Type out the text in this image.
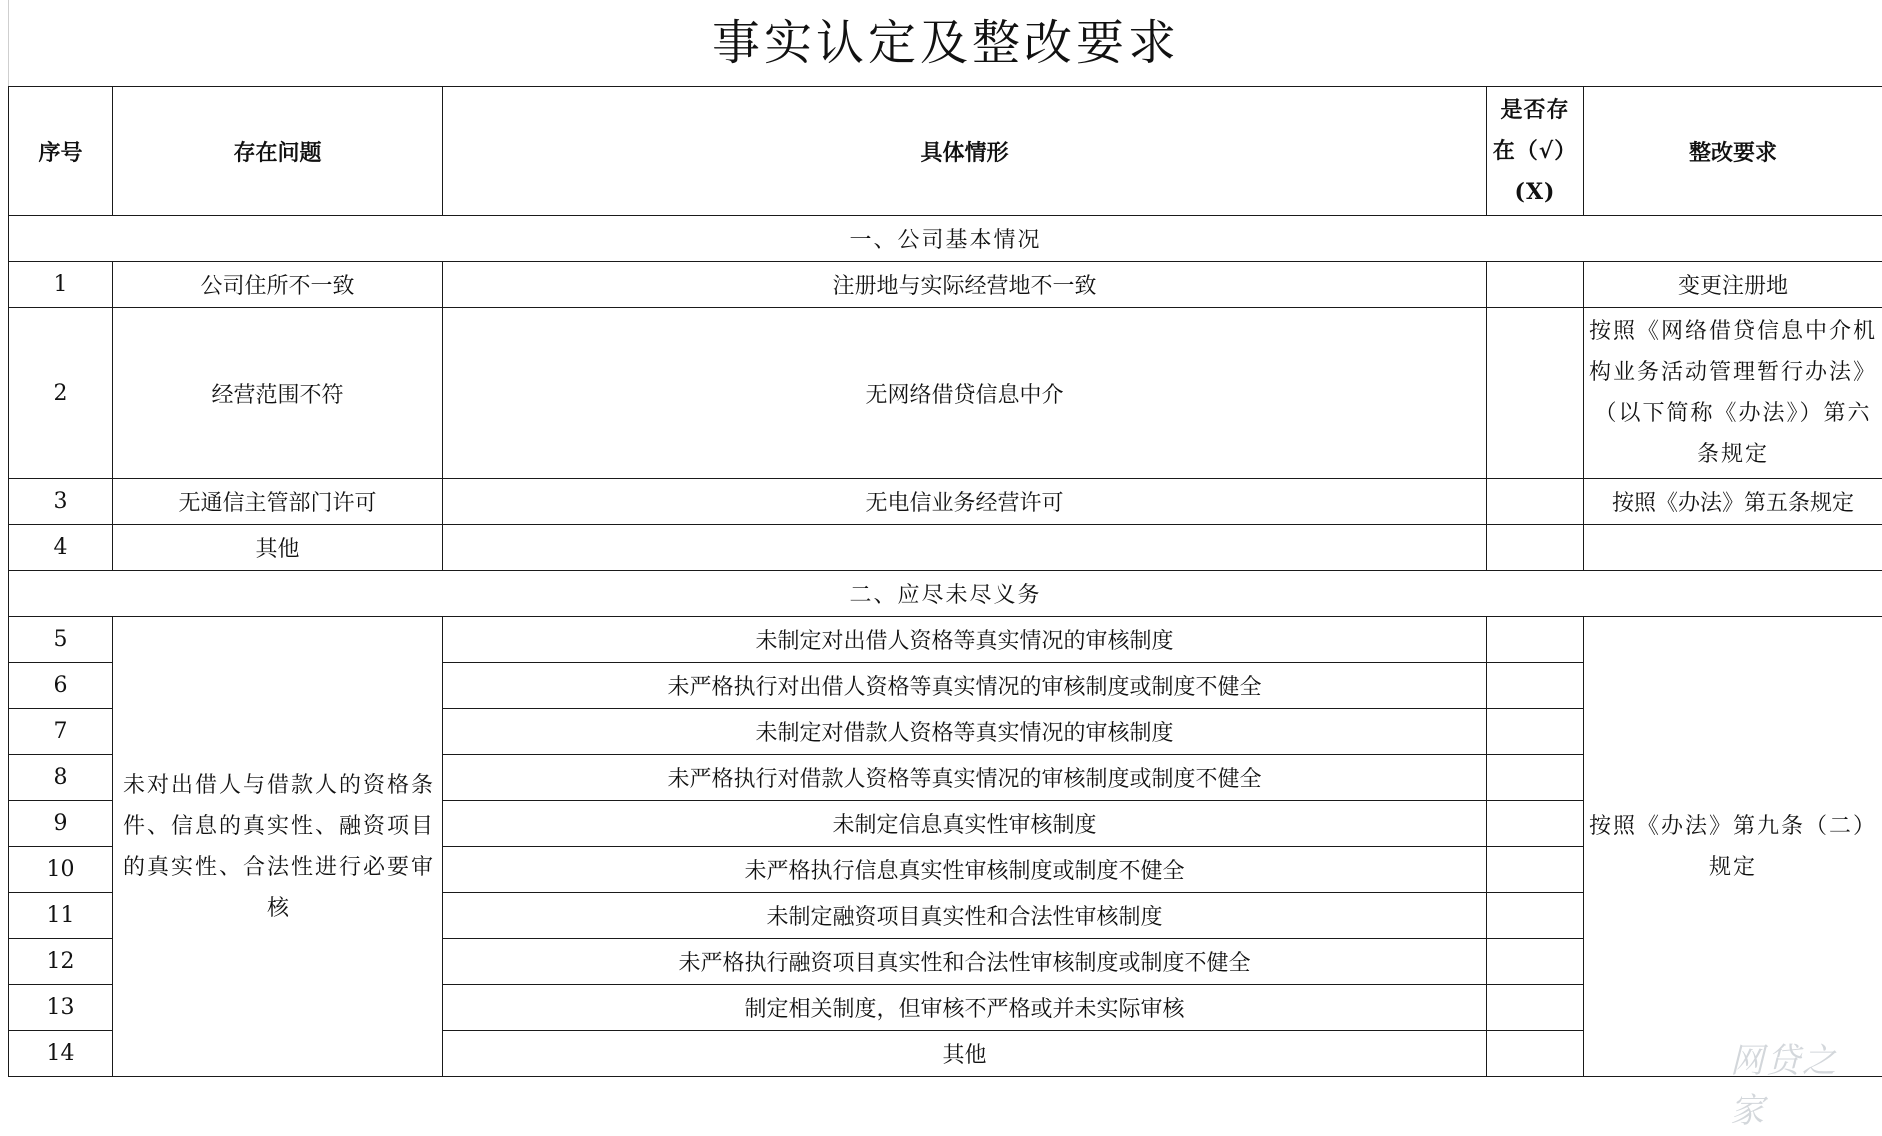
事实认定及整改要求
序号	存在问题	具体情形	是否存在（√）(X)	整改要求
一、公司基本情况				
1	公司住所不一致	注册地与实际经营地不一致		变更注册地
2	经营范围不符	无网络借贷信息中介		按照《网络借贷信息中介机构业务活动管理暂行办法》（以下简称《办法》）第六条规定
3	无通信主管部门许可	无电信业务经营许可		按照《办法》第五条规定
4	其他			
二、应尽未尽义务				
5	未对出借人与借款人的资格条件、信息的真实性、融资项目的真实性、合法性进行必要审核	未制定对出借人资格等真实情况的审核制度		按照《办法》第九条（二）规定
6		未严格执行对出借人资格等真实情况的审核制度或制度不健全		
7		未制定对借款人资格等真实情况的审核制度		
8		未严格执行对借款人资格等真实情况的审核制度或制度不健全		
9		未制定信息真实性审核制度		
10		未严格执行信息真实性审核制度或制度不健全		
11		未制定融资项目真实性和合法性审核制度		
12		未严格执行融资项目真实性和合法性审核制度或制度不健全		
13		制定相关制度，但审核不严格或并未实际审核		
14		其他			网贷之家
